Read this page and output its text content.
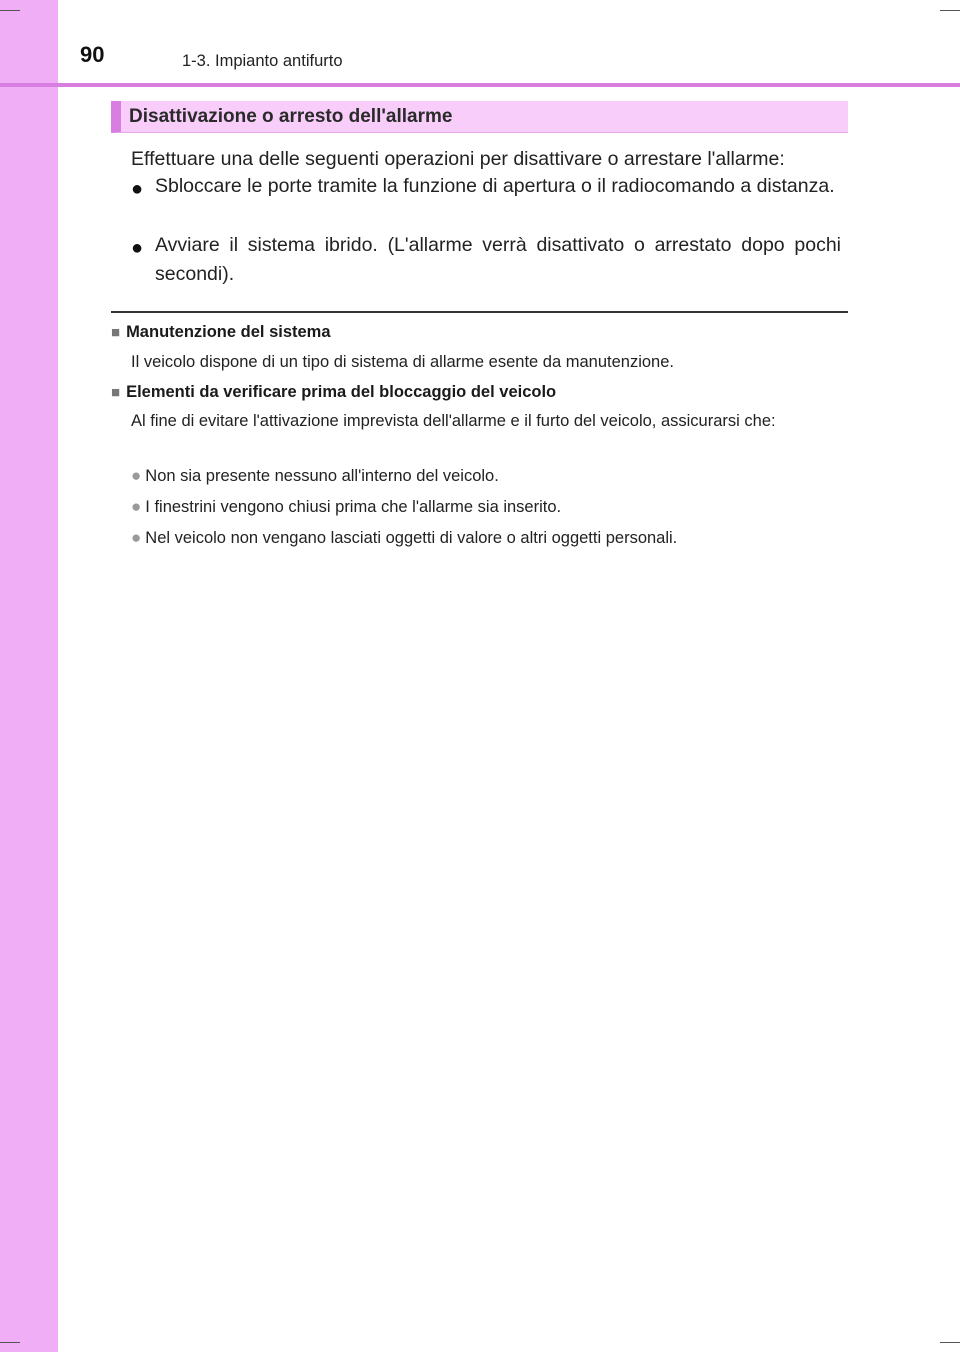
90	1-3. Impianto antifurto
Disattivazione o arresto dell'allarme
Effettuare una delle seguenti operazioni per disattivare o arrestare l'allarme:
● Sbloccare le porte tramite la funzione di apertura o il radiocomando a distanza.
● Avviare il sistema ibrido. (L'allarme verrà disattivato o arrestato dopo pochi secondi).
■ Manutenzione del sistema
Il veicolo dispone di un tipo di sistema di allarme esente da manutenzione.
■ Elementi da verificare prima del bloccaggio del veicolo
Al fine di evitare l'attivazione imprevista dell'allarme e il furto del veicolo, assicurarsi che:
● Non sia presente nessuno all'interno del veicolo.
● I finestrini vengono chiusi prima che l'allarme sia inserito.
● Nel veicolo non vengano lasciati oggetti di valore o altri oggetti personali.
